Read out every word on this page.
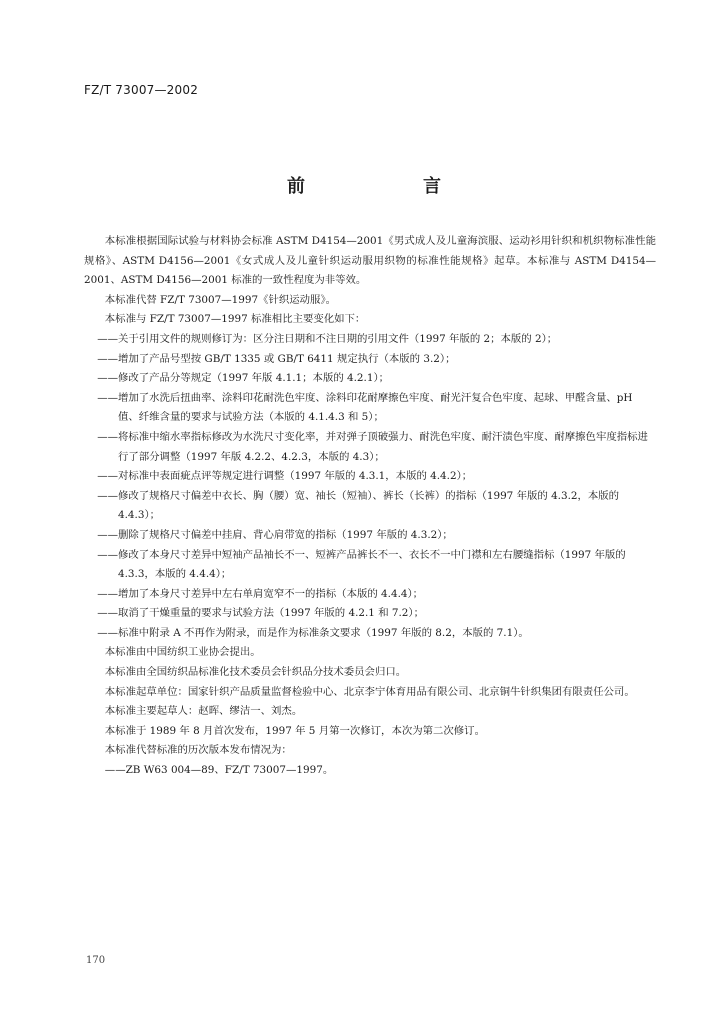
FZ/T 73007—2002
前　言

本标准根据国际试验与材料协会标准 ASTM D4154—2001《男式成人及儿童海滨服、运动衫用针织和机织物标准性能规格》、ASTM D4156—2001《女式成人及儿童针织运动服用织物的标准性能规格》起草。本标准与 ASTM D4154—2001、ASTM D4156—2001 标准的一致性程度为非等效。

本标准代替 FZ/T 73007—1997《针织运动服》。

本标准与 FZ/T 73007—1997 标准相比主要变化如下：

——关于引用文件的规则修订为：区分注日期和不注日期的引用文件（1997 年版的 2；本版的 2）；

——增加了产品号型按 GB/T 1335 或 GB/T 6411 规定执行（本版的 3.2）；

——修改了产品分等规定（1997 年版 4.1.1；本版的 4.2.1）；

——增加了水洗后扭曲率、涂料印花耐洗色牢度、涂料印花耐摩擦色牢度、耐光汗复合色牢度、起球、甲醛含量、pH 值、纤维含量的要求与试验方法（本版的 4.1.4.3 和 5）；

——将标准中缩水率指标修改为水洗尺寸变化率，并对弹子顶破强力、耐洗色牢度、耐汗渍色牢度、耐摩擦色牢度指标进行了部分调整（1997 年版 4.2.2、4.2.3，本版的 4.3）；

——对标准中表面疵点评等规定进行调整（1997 年版的 4.3.1，本版的 4.4.2）；

——修改了规格尺寸偏差中衣长、胸（腰）宽、袖长（短袖）、裤长（长裤）的指标（1997 年版的 4.3.2，本版的 4.4.3）；

——删除了规格尺寸偏差中挂肩、背心肩带宽的指标（1997 年版的 4.3.2）；

——修改了本身尺寸差异中短袖产品袖长不一、短裤产品裤长不一、衣长不一中门襟和左右腰缝指标（1997 年版的 4.3.3，本版的 4.4.4）；

——增加了本身尺寸差异中左右单肩宽窄不一的指标（本版的 4.4.4）；

——取消了干燥重量的要求与试验方法（1997 年版的 4.2.1 和 7.2）；

——标准中附录 A 不再作为附录，而是作为标准条文要求（1997 年版的 8.2，本版的 7.1）。

本标准由中国纺织工业协会提出。

本标准由全国纺织品标准化技术委员会针织品分技术委员会归口。

本标准起草单位：国家针织产品质量监督检验中心、北京李宁体育用品有限公司、北京铜牛针织集团有限责任公司。

本标准主要起草人：赵晖、缪洁一、刘杰。

本标准于 1989 年 8 月首次发布，1997 年 5 月第一次修订，本次为第二次修订。

本标准代替标准的历次版本发布情况为：

——ZB W63 004—89、FZ/T 73007—1997。

170
